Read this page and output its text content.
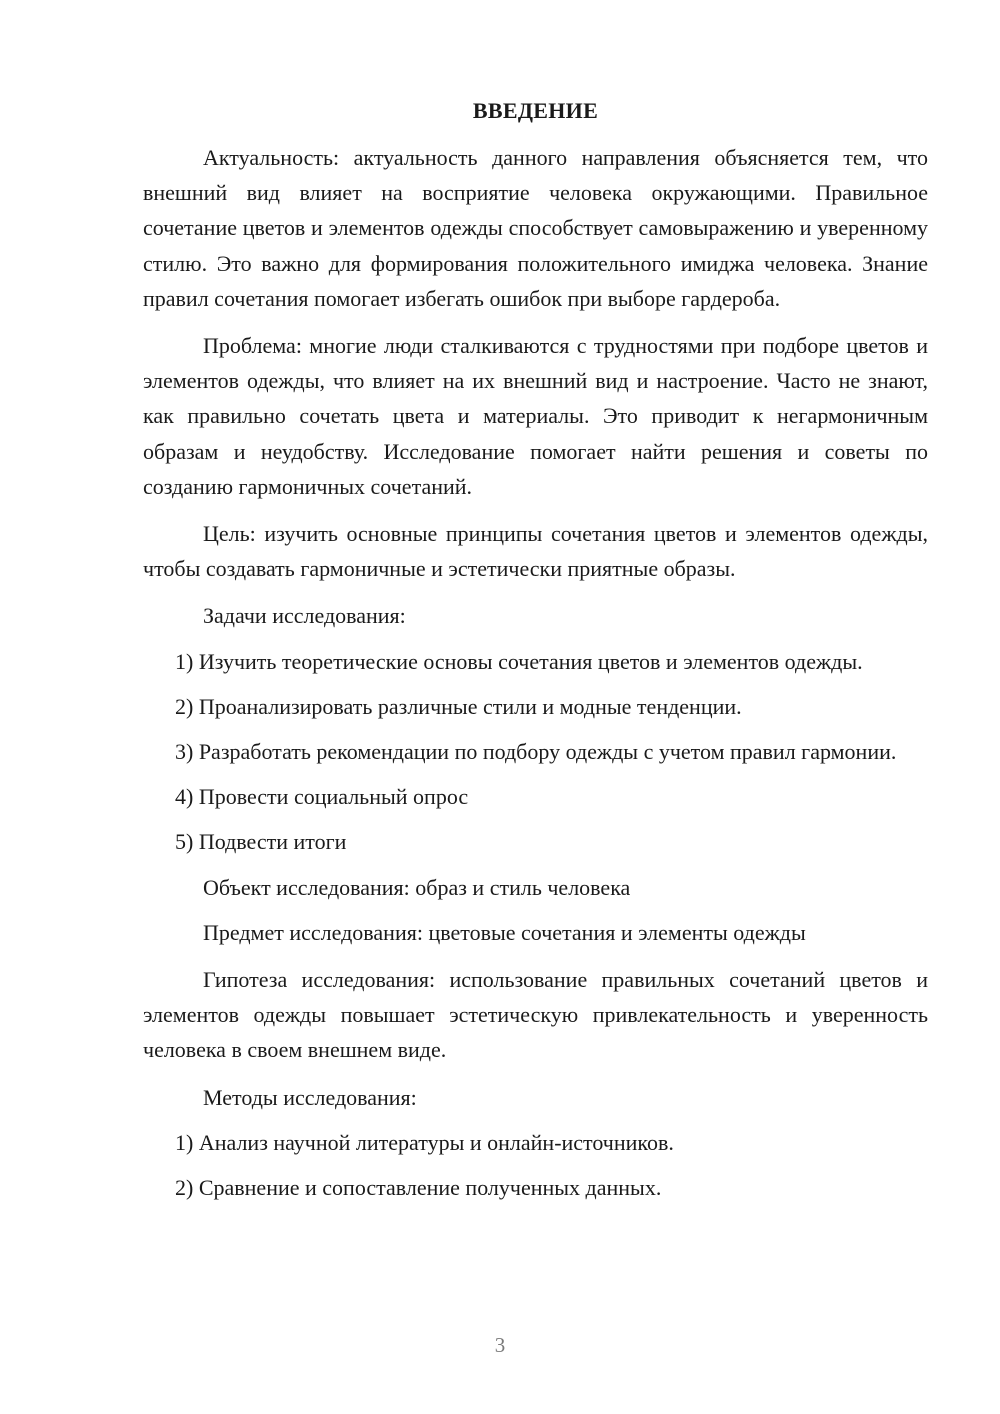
ВВЕДЕНИЕ

Актуальность: актуальность данного направления объясняется тем, что внешний вид влияет на восприятие человека окружающими. Правильное сочетание цветов и элементов одежды способствует самовыражению и уверенному стилю. Это важно для формирования положительного имиджа человека. Знание правил сочетания помогает избегать ошибок при выборе гардероба.

Проблема: многие люди сталкиваются с трудностями при подборе цветов и элементов одежды, что влияет на их внешний вид и настроение. Часто не знают, как правильно сочетать цвета и материалы. Это приводит к негармоничным образам и неудобству. Исследование помогает найти решения и советы по созданию гармоничных сочетаний.

Цель: изучить основные принципы сочетания цветов и элементов одежды, чтобы создавать гармоничные и эстетически приятные образы.

Задачи исследования:

1) Изучить теоретические основы сочетания цветов и элементов одежды.

2) Проанализировать различные стили и модные тенденции.

3) Разработать рекомендации по подбору одежды с учетом правил гармонии.

4) Провести социальный опрос

5) Подвести итоги

Объект исследования: образ и стиль человека

Предмет исследования: цветовые сочетания и элементы одежды

Гипотеза исследования: использование правильных сочетаний цветов и элементов одежды повышает эстетическую привлекательность и уверенность человека в своем внешнем виде.

Методы исследования:

1) Анализ научной литературы и онлайн-источников.

2) Сравнение и сопоставление полученных данных.

3
